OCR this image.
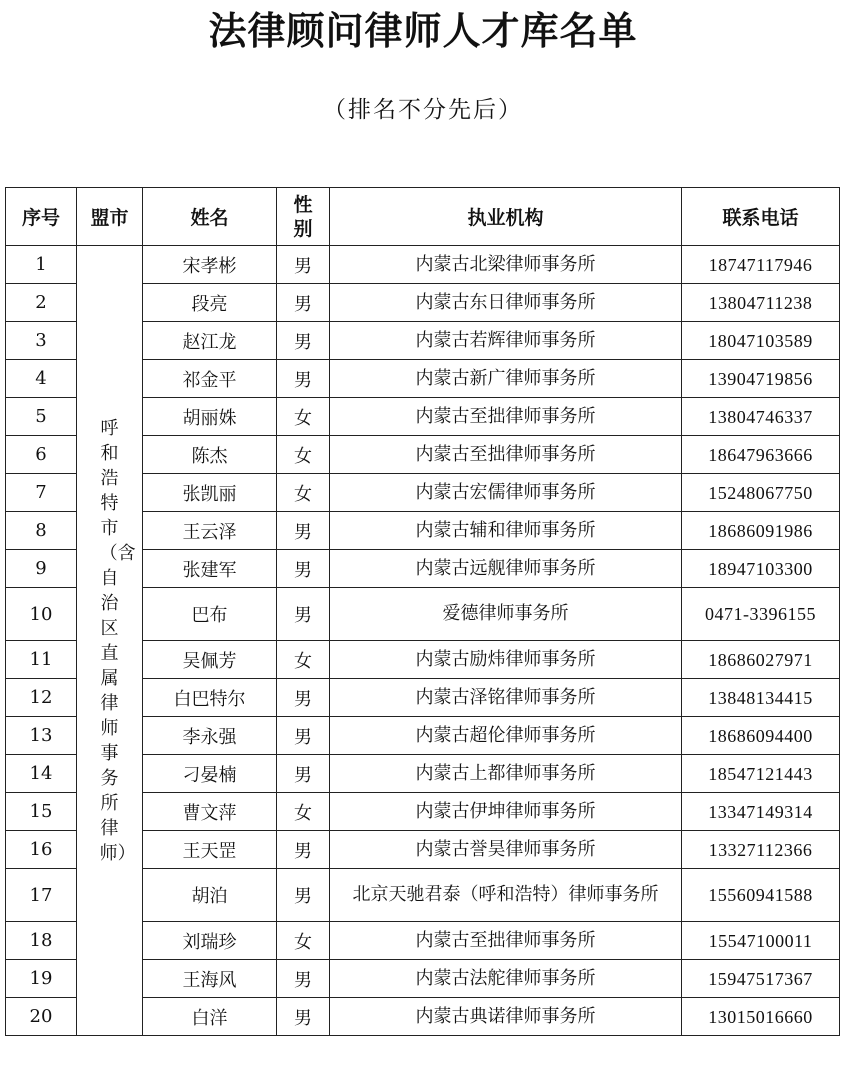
法律顾问律师人才库名单
（排名不分先后）
序号	盟市	姓名	性别	执业机构	联系电话
1	呼和浩特市（含自治区直属律师事务所律师）	宋孝彬	男	内蒙古北梁律师事务所	18747117946
2		段亮	男	内蒙古东日律师事务所	13804711238
3		赵江龙	男	内蒙古若辉律师事务所	18047103589
4		祁金平	男	内蒙古新广律师事务所	13904719856
5		胡丽姝	女	内蒙古至拙律师事务所	13804746337
6		陈杰	女	内蒙古至拙律师事务所	18647963666
7		张凯丽	女	内蒙古宏儒律师事务所	15248067750
8		王云泽	男	内蒙古辅和律师事务所	18686091986
9		张建军	男	内蒙古远舰律师事务所	18947103300
10		巴布	男	爱德律师事务所	0471-3396155
11		吴佩芳	女	内蒙古励炜律师事务所	18686027971
12		白巴特尔	男	内蒙古泽铭律师事务所	13848134415
13		李永强	男	内蒙古超伦律师事务所	18686094400
14		刁晏楠	男	内蒙古上都律师事务所	18547121443
15		曹文萍	女	内蒙古伊坤律师事务所	13347149314
16		王天罡	男	内蒙古誉昊律师事务所	13327112366
17		胡泊	男	北京天驰君泰（呼和浩特）律师事务所	15560941588
18		刘瑞珍	女	内蒙古至拙律师事务所	15547100011
19		王海风	男	内蒙古法舵律师事务所	15947517367
20		白洋	男	内蒙古典诺律师事务所	13015016660
